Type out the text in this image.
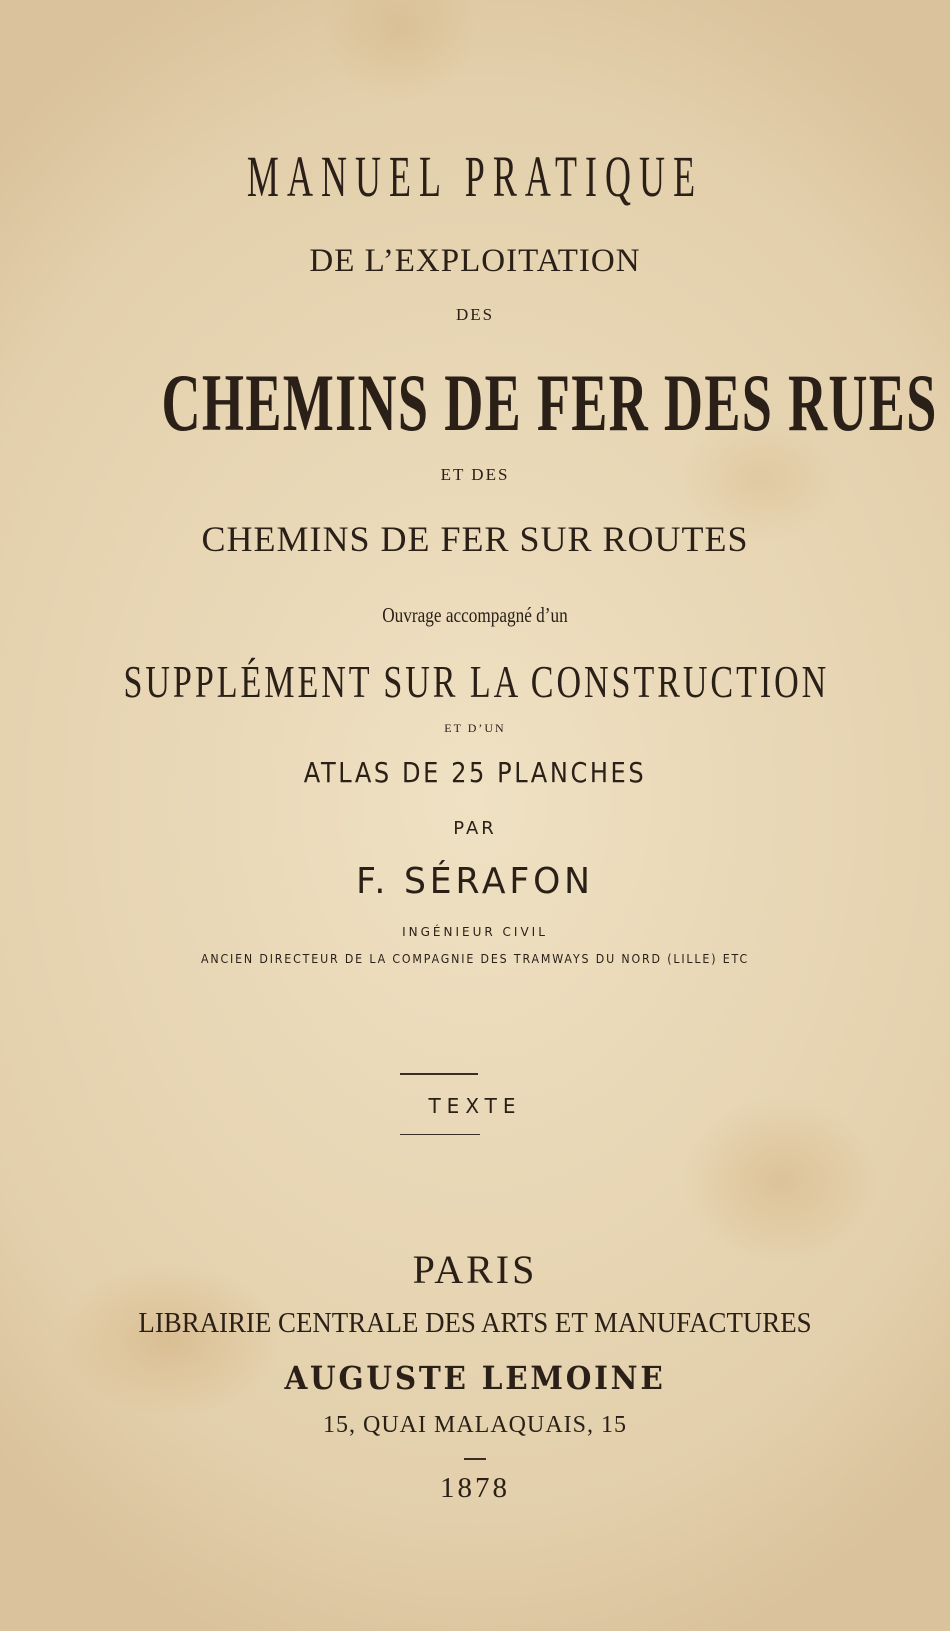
MANUEL PRATIQUE
DE L’EXPLOITATION
DES
CHEMINS DE FER DES RUES
ET DES
CHEMINS DE FER SUR ROUTES
Ouvrage accompagné d’un
SUPPLÉMENT SUR LA CONSTRUCTION
ET D’UN
ATLAS DE 25 PLANCHES
PAR
F. SÉRAFON
INGÉNIEUR CIVIL
ANCIEN DIRECTEUR DE LA COMPAGNIE DES TRAMWAYS DU NORD (LILLE) ETC
TEXTE
PARIS
LIBRAIRIE CENTRALE DES ARTS ET MANUFACTURES
AUGUSTE LEMOINE
15, QUAI MALAQUAIS, 15
1878
